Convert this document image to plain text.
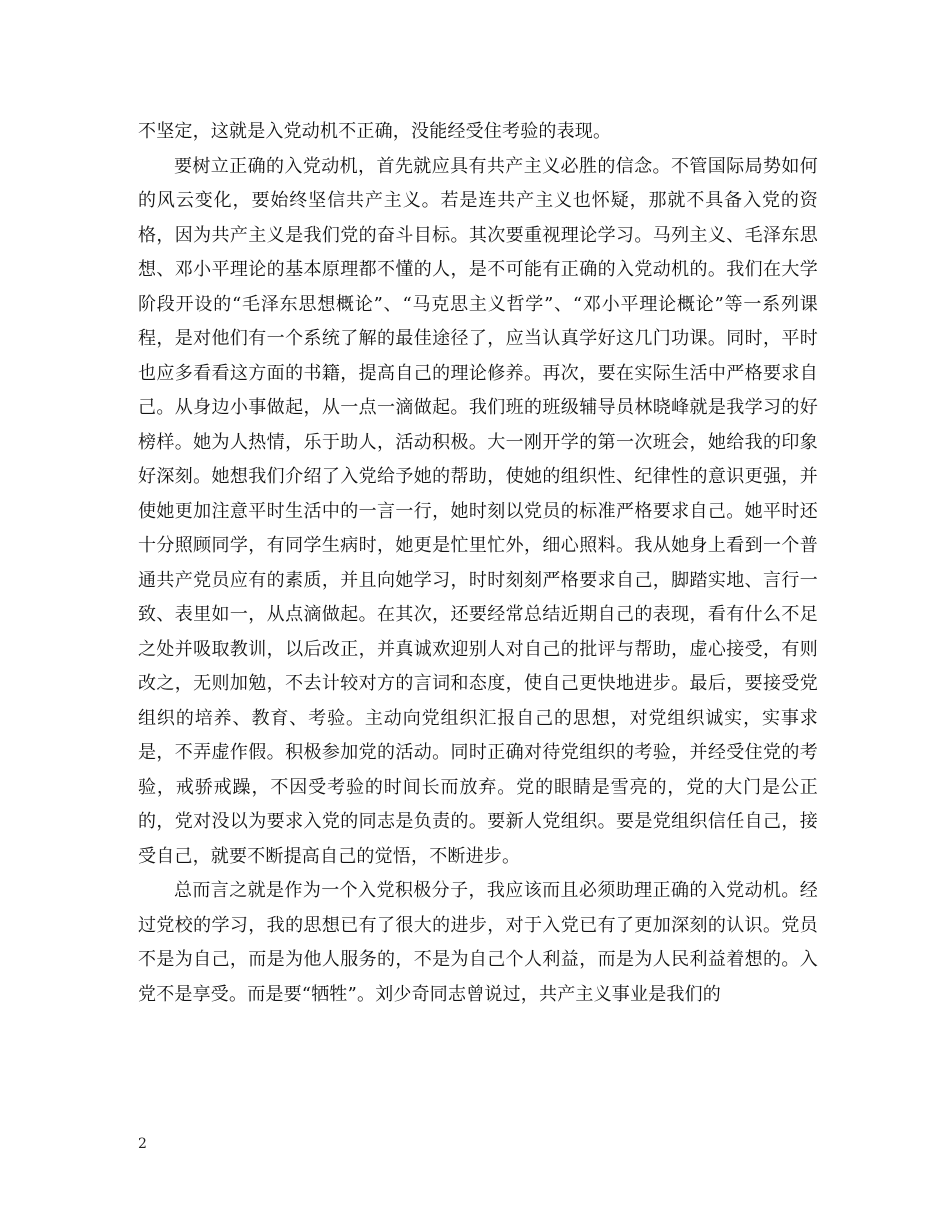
不坚定，这就是入党动机不正确，没能经受住考验的表现。

要树立正确的入党动机，首先就应具有共产主义必胜的信念。不管国际局势如何的风云变化，要始终坚信共产主义。若是连共产主义也怀疑，那就不具备入党的资格，因为共产主义是我们党的奋斗目标。其次要重视理论学习。马列主义、毛泽东思想、邓小平理论的基本原理都不懂的人，是不可能有正确的入党动机的。我们在大学阶段开设的“毛泽东思想概论”、“马克思主义哲学”、“邓小平理论概论”等一系列课程，是对他们有一个系统了解的最佳途径了，应当认真学好这几门功课。同时，平时也应多看看这方面的书籍，提高自己的理论修养。再次，要在实际生活中严格要求自己。从身边小事做起，从一点一滴做起。我们班的班级辅导员林晓峰就是我学习的好榜样。她为人热情，乐于助人，活动积极。大一刚开学的第一次班会，她给我的印象好深刻。她想我们介绍了入党给予她的帮助，使她的组织性、纪律性的意识更强，并使她更加注意平时生活中的一言一行，她时刻以党员的标准严格要求自己。她平时还十分照顾同学，有同学生病时，她更是忙里忙外，细心照料。我从她身上看到一个普通共产党员应有的素质，并且向她学习，时时刻刻严格要求自己，脚踏实地、言行一致、表里如一，从点滴做起。在其次，还要经常总结近期自己的表现，看有什么不足之处并吸取教训，以后改正，并真诚欢迎别人对自己的批评与帮助，虚心接受，有则改之，无则加勉，不去计较对方的言词和态度，使自己更快地进步。最后，要接受党组织的培养、教育、考验。主动向党组织汇报自己的思想，对党组织诚实，实事求是，不弄虚作假。积极参加党的活动。同时正确对待党组织的考验，并经受住党的考验，戒骄戒躁，不因受考验的时间长而放弃。党的眼睛是雪亮的，党的大门是公正的，党对没以为要求入党的同志是负责的。要新人党组织。要是党组织信任自己，接受自己，就要不断提高自己的觉悟，不断进步。

总而言之就是作为一个入党积极分子，我应该而且必须助理正确的入党动机。经过党校的学习，我的思想已有了很大的进步，对于入党已有了更加深刻的认识。党员不是为自己，而是为他人服务的，不是为自己个人利益，而是为人民利益着想的。入党不是享受。而是要“牺牲”。刘少奇同志曾说过，共产主义事业是我们的

2
